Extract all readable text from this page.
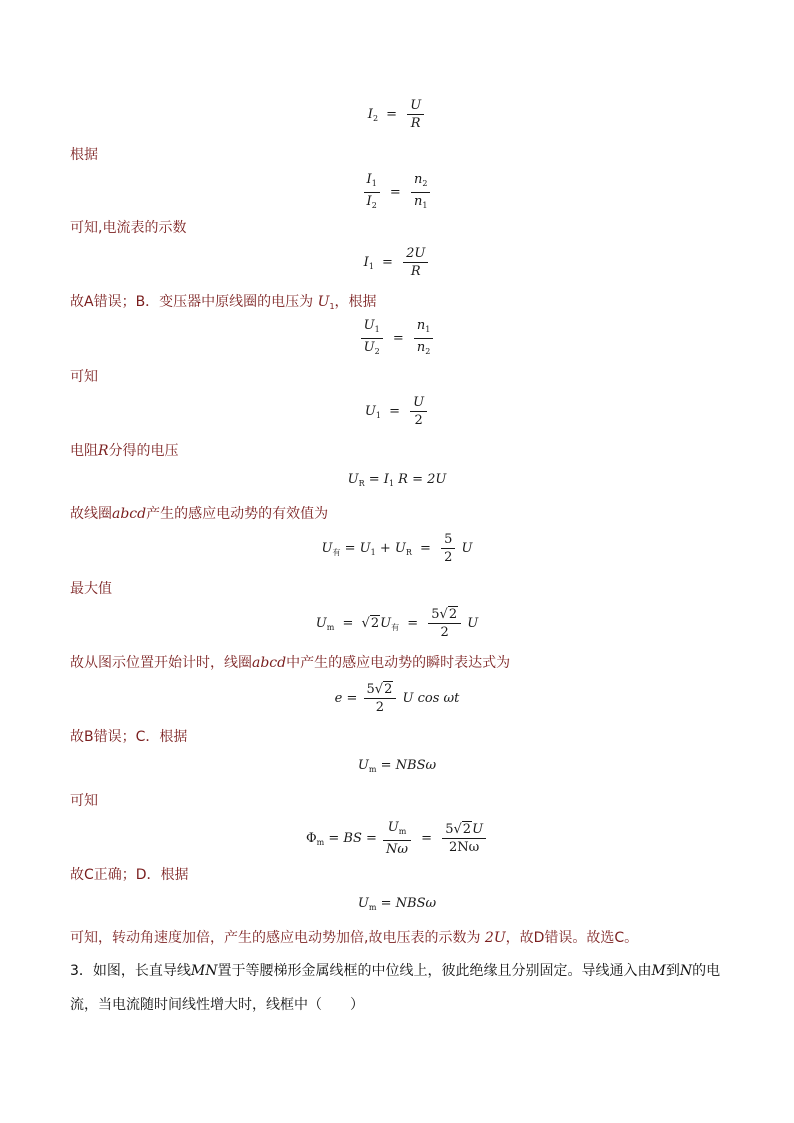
$I_2 = \frac{U}{R}$
根据
$\frac{I_1}{I_2} = \frac{n_2}{n_1}$
可知,电流表的示数
$I_1 = \frac{2U}{R}$
故A错误；B．变压器中原线圈的电压为 $U_1$，根据
$\frac{U_1}{U_2} = \frac{n_1}{n_2}$
可知
$U_1 = \frac{U}{2}$
电阻R分得的电压
$U_R = I_1$ R = 2U
故线圈abcd产生的感应电动势的有效值为
$U_有 = U_1 + U_R = \frac{5}{2}$ U
最大值
$U_m = √2U_有 = \frac{5√2}{2}$ U
故从图示位置开始计时，线圈abcd中产生的感应电动势的瞬时表达式为
$e = \frac{5√2}{2}$ U cos ωt
故B错误；C．根据
$U_m = NBS\omega$
可知
$\Phi_m$ = BS = $\frac{U_m}{N\omega} = \frac{5√2U}{2N\omega}$
故C正确；D．根据
$U_m = NBS\omega$
可知，转动角速度加倍，产生的感应电动势加倍,故电压表的示数为 2U，故D错误。故选C。
3．如图，长直导线MN置于等腰梯形金属线框的中位线上，彼此绝缘且分别固定。导线通入由M到N的电
流，当电流随时间线性增大时，线框中（　　）
